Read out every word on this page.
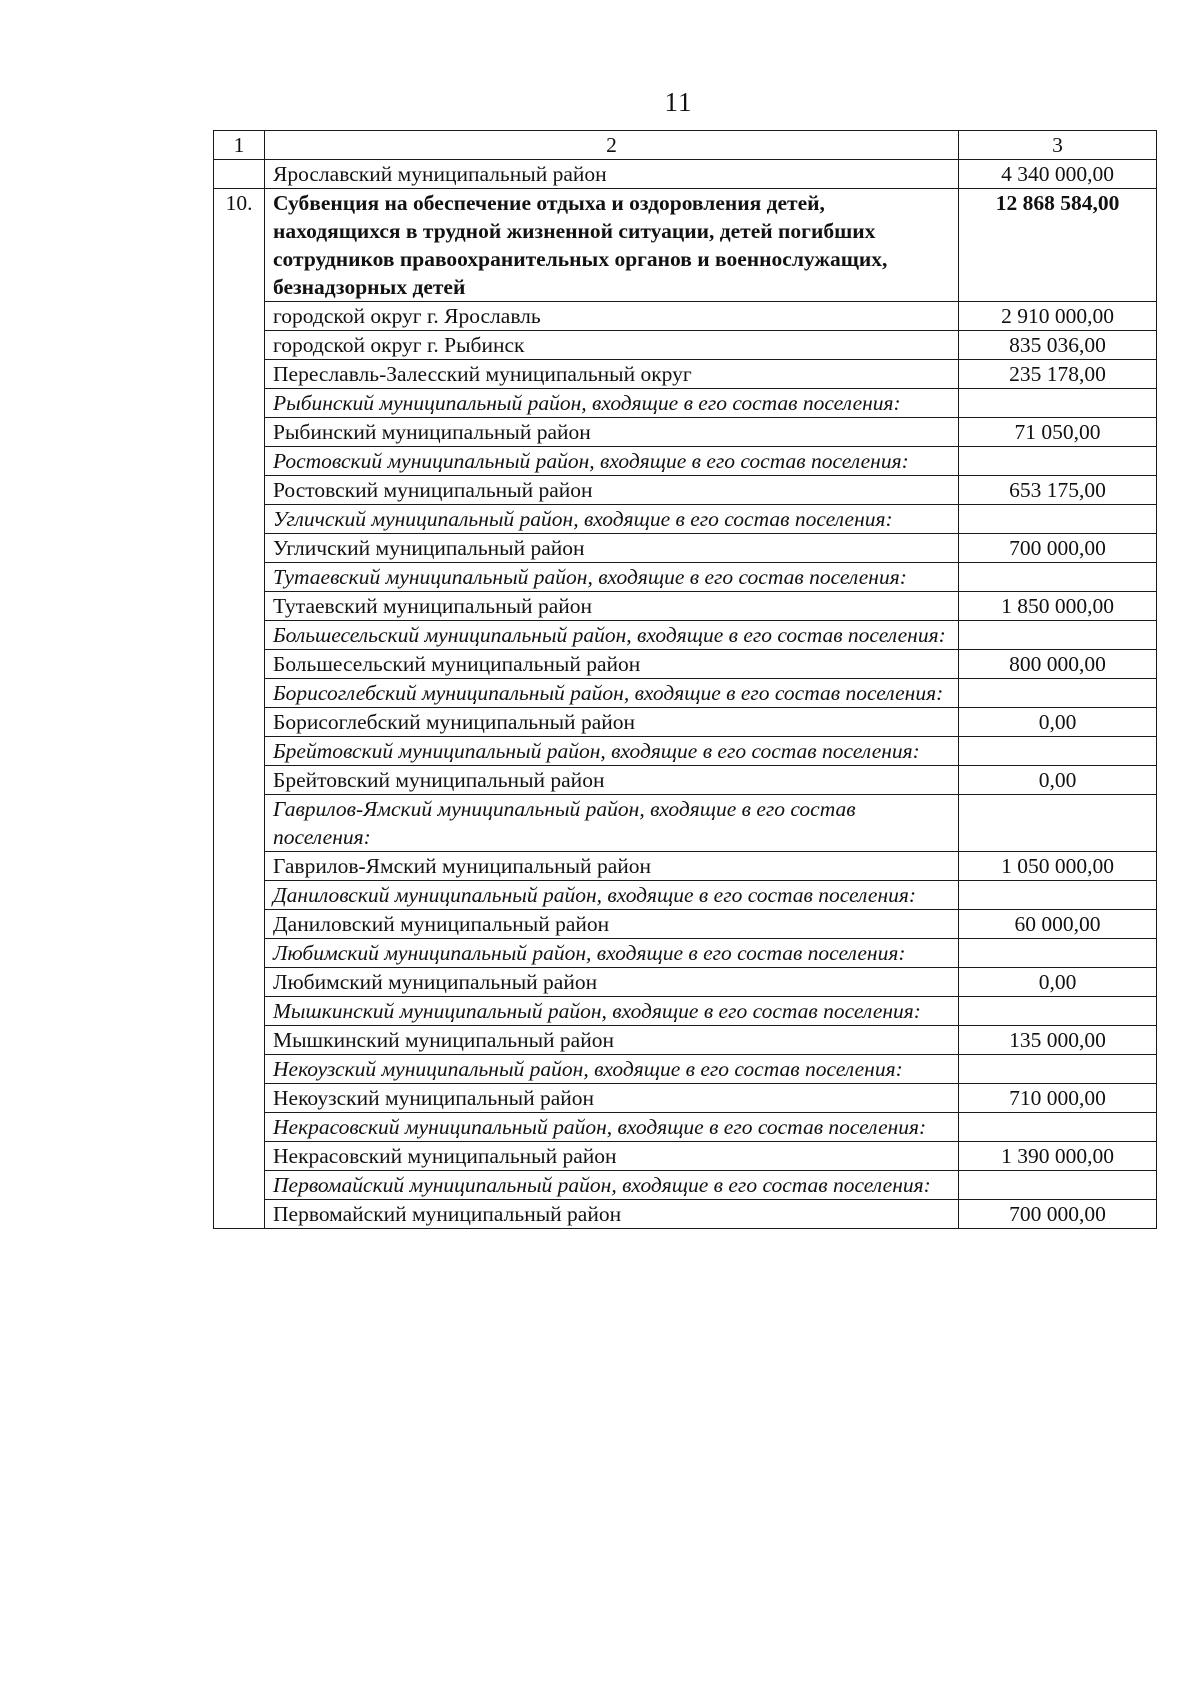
11
1	2	3
	Ярославский муниципальный район	4 340 000,00
10.	Субвенция на обеспечение отдыха и оздоровления детей, находящихся в трудной жизненной ситуации, детей погибших сотрудников правоохранительных органов и военнослужащих, безнадзорных детей	12 868 584,00
	городской округ г. Ярославль	2 910 000,00
	городской округ г. Рыбинск	835 036,00
	Переславль-Залесский муниципальный округ	235 178,00
	Рыбинский муниципальный район, входящие в его состав поселения:	
	Рыбинский муниципальный район	71 050,00
	Ростовский муниципальный район, входящие в его состав поселения:	
	Ростовский муниципальный район	653 175,00
	Угличский муниципальный район, входящие в его состав поселения:	
	Угличский муниципальный район	700 000,00
	Тутаевский муниципальный район, входящие в его состав поселения:	
	Тутаевский муниципальный район	1 850 000,00
	Большесельский муниципальный район, входящие в его состав поселения:	
	Большесельский муниципальный район	800 000,00
	Борисоглебский муниципальный район, входящие в его состав поселения:	
	Борисоглебский муниципальный район	0,00
	Брейтовский муниципальный район, входящие в его состав поселения:	
	Брейтовский муниципальный район	0,00
	Гаврилов-Ямский муниципальный район, входящие в его состав поселения:	
	Гаврилов-Ямский муниципальный район	1 050 000,00
	Даниловский муниципальный район, входящие в его состав поселения:	
	Даниловский муниципальный район	60 000,00
	Любимский муниципальный район, входящие в его состав поселения:	
	Любимский муниципальный район	0,00
	Мышкинский муниципальный район, входящие в его состав поселения:	
	Мышкинский муниципальный район	135 000,00
	Некоузский муниципальный район, входящие в его состав поселения:	
	Некоузский муниципальный район	710 000,00
	Некрасовский муниципальный район, входящие в его состав поселения:	
	Некрасовский муниципальный район	1 390 000,00
	Первомайский муниципальный район, входящие в его состав поселения:	
	Первомайский муниципальный район	700 000,00
